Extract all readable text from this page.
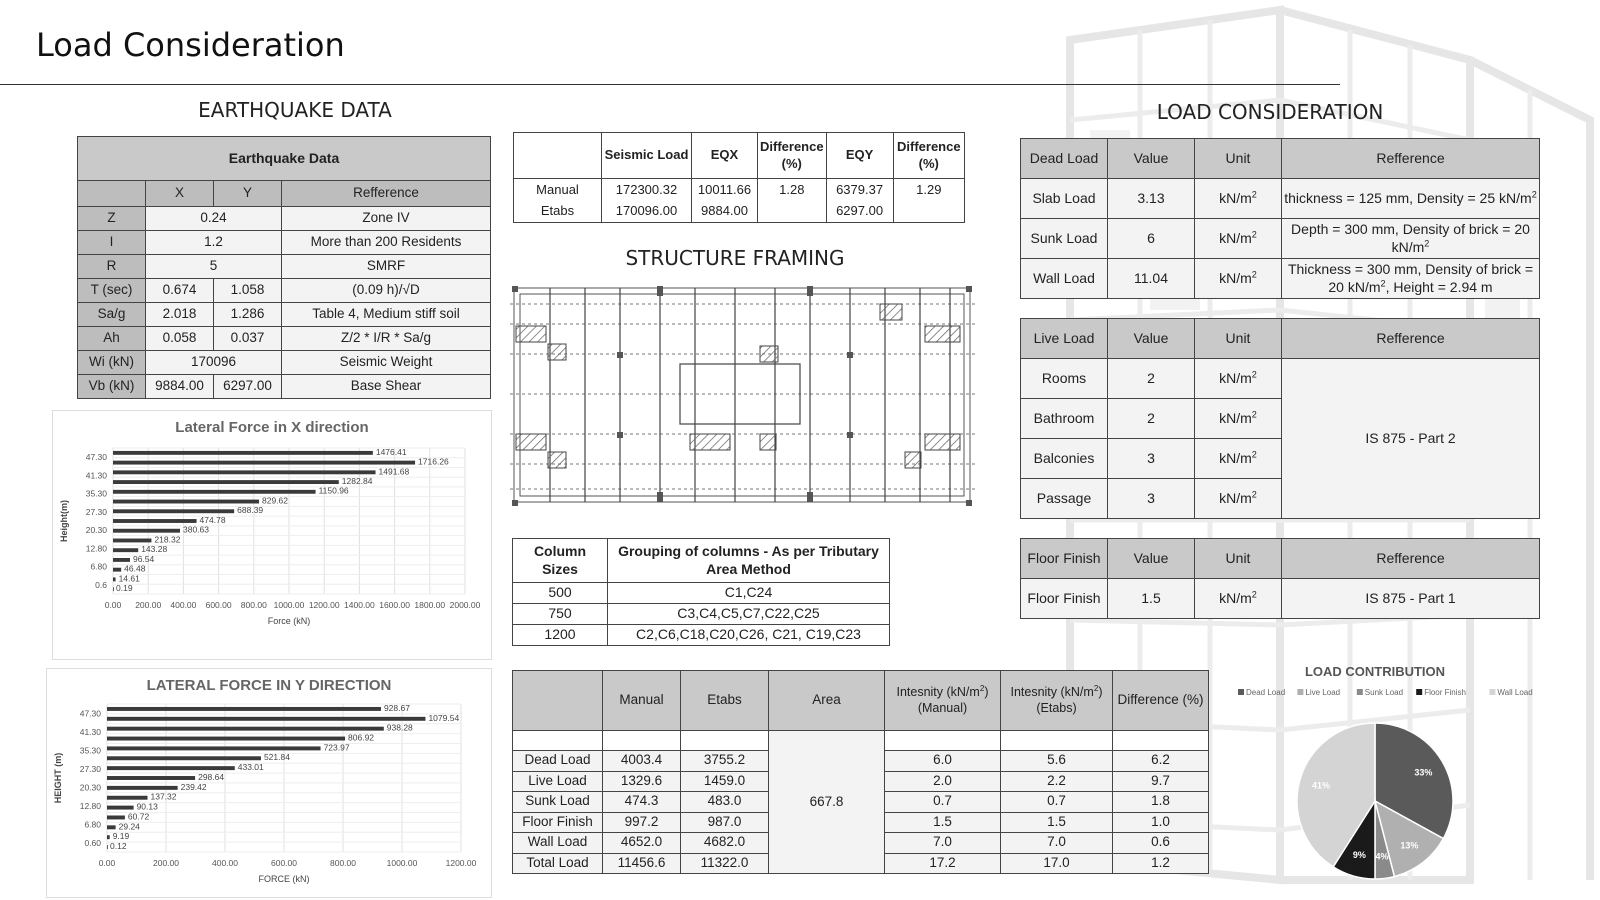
Load Consideration
EARTHQUAKE DATA
Earthquake Data			
	X	Y	Refference
Z	0.24		Zone IV
I	1.2		More than 200 Residents
R	5		SMRF
T (sec)	0.674	1.058	(0.09 h)/√D
Sa/g	2.018	1.286	Table 4, Medium stiff soil
Ah	0.058	0.037	Z/2 * I/R * Sa/g
Wi (kN)	170096		Seismic Weight
Vb (kN)	9884.00	6297.00	Base Shear
Lateral Force in X direction
0.00 200.00 400.00 600.00 800.00 1000.00 1200.00 1400.00 1600.00 1800.00 2000.00
1476.41
1716.26
1491.68
1282.84
1150.96
829.62
688.39
474.78
380.63
218.32
143.28
96.54
46.48
14.61
0.19
47.30
41.30
35.30
27.30
20.30
12.80
6.80
0.6
Force (kN)
Height(m)
LATERAL FORCE IN Y DIRECTION
0.00	200.00	400.00	600.00	800.00	1000.00	1200.00
928.67
1079.54
938.28
806.92
723.97
521.84
433.01
298.64
239.42
137.32
90.13
60.72
29.24
9.19
0.12
47.30
41.30
35.30
27.30
20.30
12.80
6.80
0.60
FORCE (kN)
HEIGHT (m)
	Seismic Load	EQX	Difference (%)	EQY	Difference (%)
Manual	172300.32	10011.66	1.28	6379.37	1.29
Etabs	170096.00	9884.00		6297.00	
STRUCTURE FRAMING
Column Sizes	Grouping of columns - As per Tributary Area Method
500	C1,C24
750	C3,C4,C5,C7,C22,C25
1200	C2,C6,C18,C20,C26, C21, C19,C23
	Manual	Etabs	Area	Intesnity $(kN/m^2)$ (Manual)	Intesnity $(kN/m^2)$ (Etabs)	Difference (%)
			667.8			
Dead Load	4003.4	3755.2		6.0	5.6	6.2
Live Load	1329.6	1459.0		2.0	2.2	9.7
Sunk Load	474.3	483.0		0.7	0.7	1.8
Floor Finish	997.2	987.0		1.5	1.5	1.0
Wall Load	4652.0	4682.0		7.0	7.0	0.6
Total Load	11456.6	11322.0		17.2	17.0	1.2
LOAD CONSIDERATION
Dead Load	Value	Unit	Refference
Slab Load	3.13	$kN/m^2$	thickness = 125 mm, Density = 25 $kN/m^2$
Sunk Load	6	$kN/m^2$	Depth = 300 mm, Density of brick = 20 $kN/m^2$
Wall Load	11.04	$kN/m^2$	Thickness = 300 mm, Density of brick = 20 $kN/m^2$, Height = 2.94 m
Live Load	Value	Unit	Refference
Rooms	2	$kN/m^2$	IS 875 - Part 2
Bathroom	2	$kN/m^2$
Balconies	3	$kN/m^2$
Passage	3	$kN/m^2$
Floor Finish	Value	Unit	Refference
Floor Finish	1.5	$kN/m^2$	IS 875 - Part 1
LOAD CONTRIBUTION
Dead Load	Live Load	Sunk Load	Floor Finish	Wall Load
33%
13%
4%
9%
41%
